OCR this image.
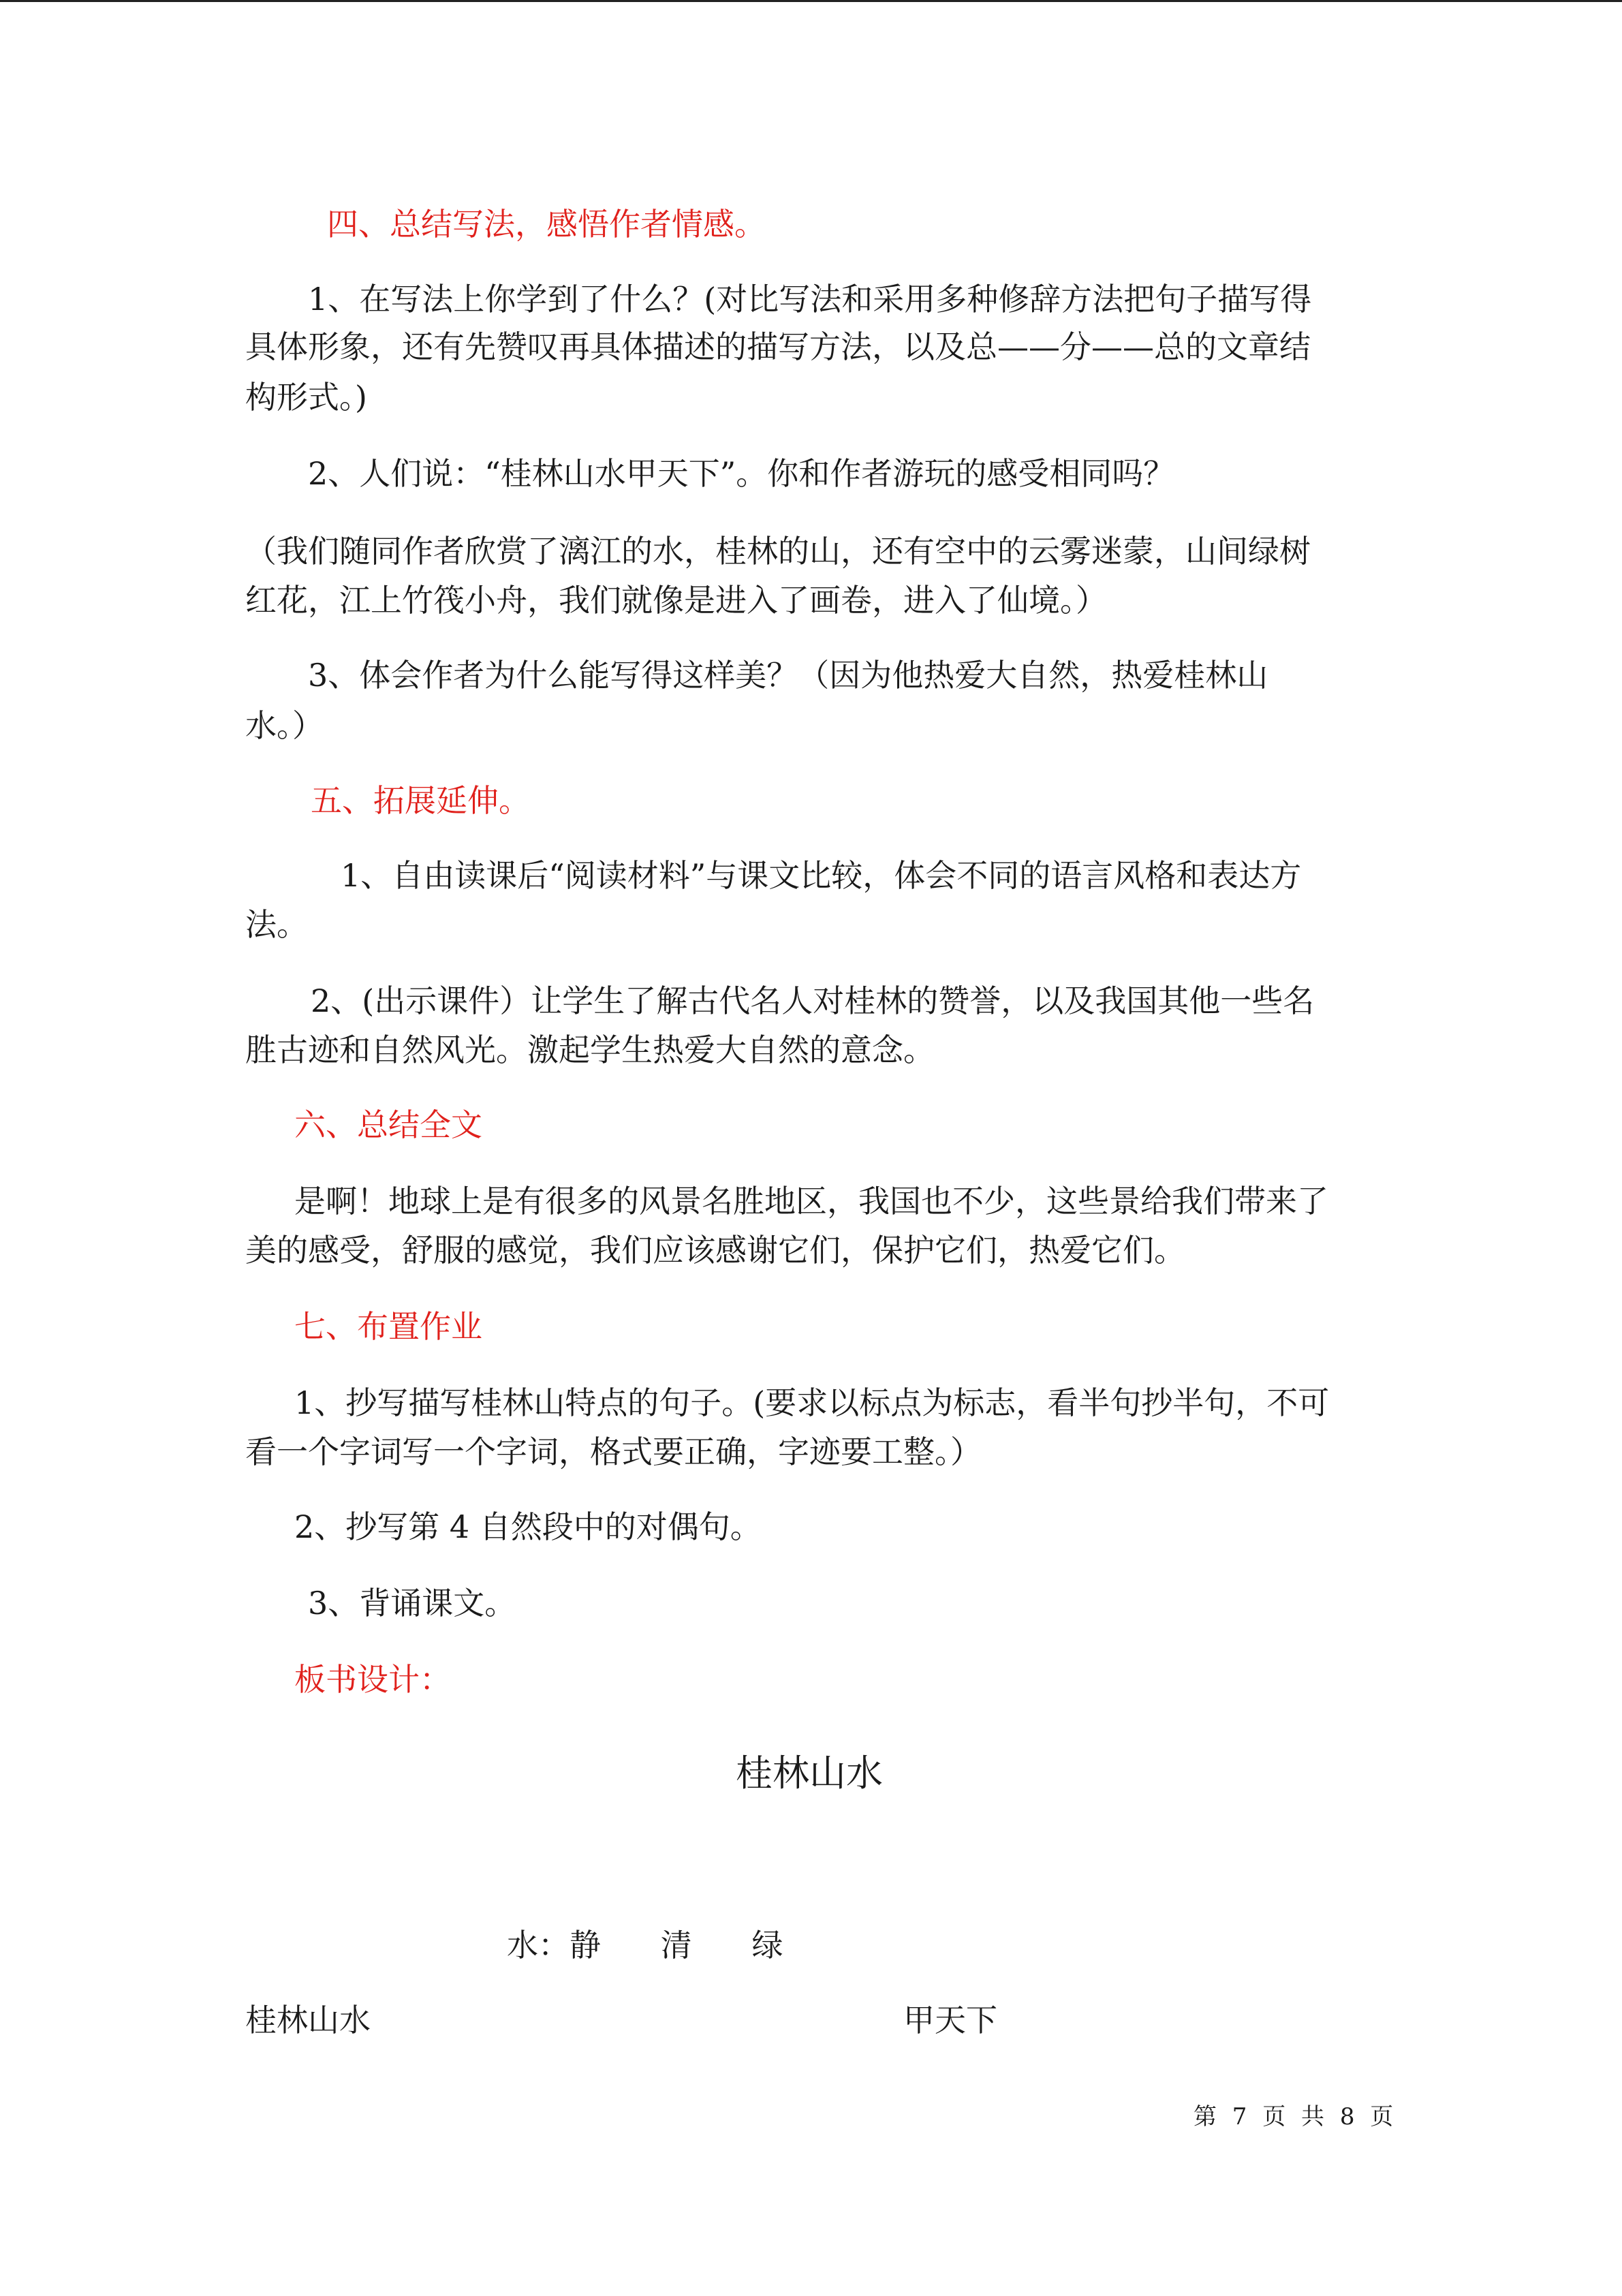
四、总结写法，感悟作者情感。
1、在写法上你学到了什么？(对比写法和采用多种修辞方法把句子描写得
具体形象，还有先赞叹再具体描述的描写方法，以及总——分——总的文章结
构形式。)
2、人们说：“桂林山水甲天下”。你和作者游玩的感受相同吗？
（我们随同作者欣赏了漓江的水，桂林的山，还有空中的云雾迷蒙，山间绿树
红花，江上竹筏小舟，我们就像是进入了画卷，进入了仙境。）
3、体会作者为什么能写得这样美？（因为他热爱大自然，热爱桂林山
水。）
五、拓展延伸。
1、自由读课后“阅读材料”与课文比较，体会不同的语言风格和表达方
法。
2、(出示课件）让学生了解古代名人对桂林的赞誉，以及我国其他一些名
胜古迹和自然风光。激起学生热爱大自然的意念。
六、总结全文
是啊！地球上是有很多的风景名胜地区，我国也不少，这些景给我们带来了
美的感受，舒服的感觉，我们应该感谢它们，保护它们，热爱它们。
七、布置作业
1、抄写描写桂林山特点的句子。(要求以标点为标志，看半句抄半句，不可
看一个字词写一个字词，格式要正确，字迹要工整。）
2、抄写第 4 自然段中的对偶句。
3、背诵课文。
板书设计：
桂林山水
水：静      清      绿
桂林山水	甲天下
第 7 页 共 8 页
